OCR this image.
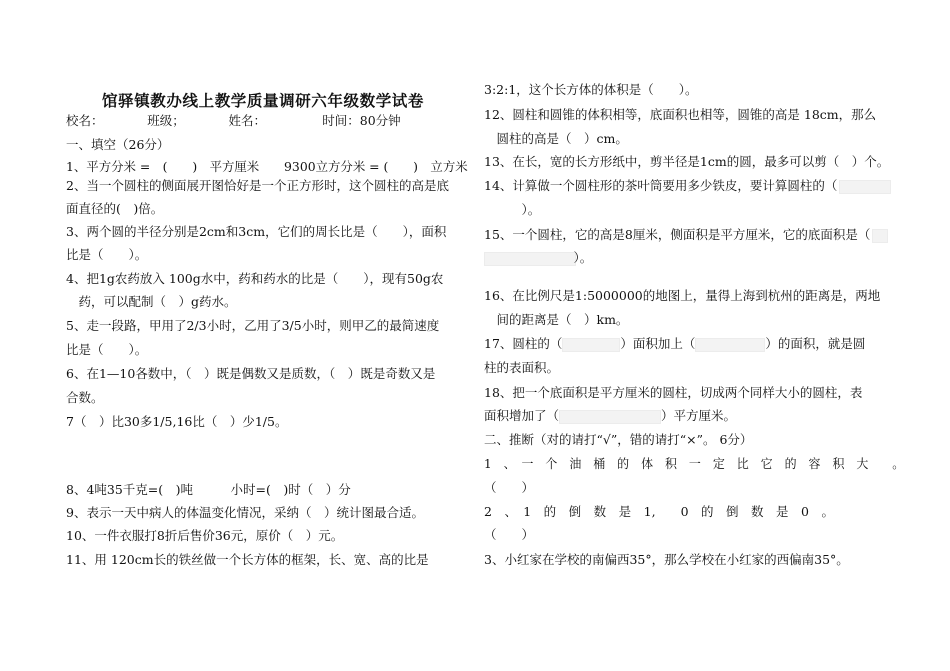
馆驿镇教办线上教学质量调研六年级数学试卷
校名：　　　　班级；　　　　姓名：　　　　　时间：80分钟
一、填空（26分）
1、平方分米 =　(　　)　平方厘米　　9300立方分米 = (　　)　立方米
2、当一个圆柱的侧面展开图恰好是一个正方形时，这个圆柱的高是底
面直径的(　)倍。
3、两个圆的半径分别是2cm和3cm，它们的周长比是（　　），面积
比是（　　）。
4、把1g农药放入 100g水中，药和药水的比是（　　），现有50g农
　药，可以配制（　）g药水。
5、走一段路，甲用了2/3小时，乙用了3/5小时，则甲乙的最简速度
比是（　　）。
6、在1—10各数中，（　）既是偶数又是质数，（　）既是奇数又是
合数。
7（　）比30多1/5,16比（　）少1/5。
8、4吨35千克=(　)吨　　　小时=(　)时（　）分
9、表示一天中病人的体温变化情况，采纳（　）统计图最合适。
10、一件衣服打8折后售价36元，原价（　）元。
11、用 120cm长的铁丝做一个长方体的框架，长、宽、高的比是
3:2:1，这个长方体的体积是（　　）。
12、圆柱和圆锥的体积相等，底面积也相等，圆锥的高是 18cm，那么
　圆柱的高是（　）cm。
13、在长，宽的长方形纸中，剪半径是1cm的圆，最多可以剪（　）个。
14、计算做一个圆柱形的茶叶筒要用多少铁皮，要计算圆柱的（
　　　）。
15、一个圆柱，它的高是8厘米，侧面积是平方厘米，它的底面积是（
　　　　　　　）。
16、在比例尺是1:5000000的地图上，量得上海到杭州的距离是，两地
　间的距离是（　）km。
17、圆柱的（	）面积加上（	）的面积，就是圆
柱的表面积。
18、把一个底面积是平方厘米的圆柱，切成两个同样大小的圆柱，表
面积增加了（	）平方厘米。
二、推断（对的请打“√”，错的请打“×”。 6分）
1　、　一　个　油　桶　的　体　积　一　定　比　它　的　容　积　大　　。
（　　）
2　、　1　的　倒　数　是　1,　　0　的　倒　数　是　0　。
（　　）
3、小红家在学校的南偏西35°，那么学校在小红家的西偏南35°。
